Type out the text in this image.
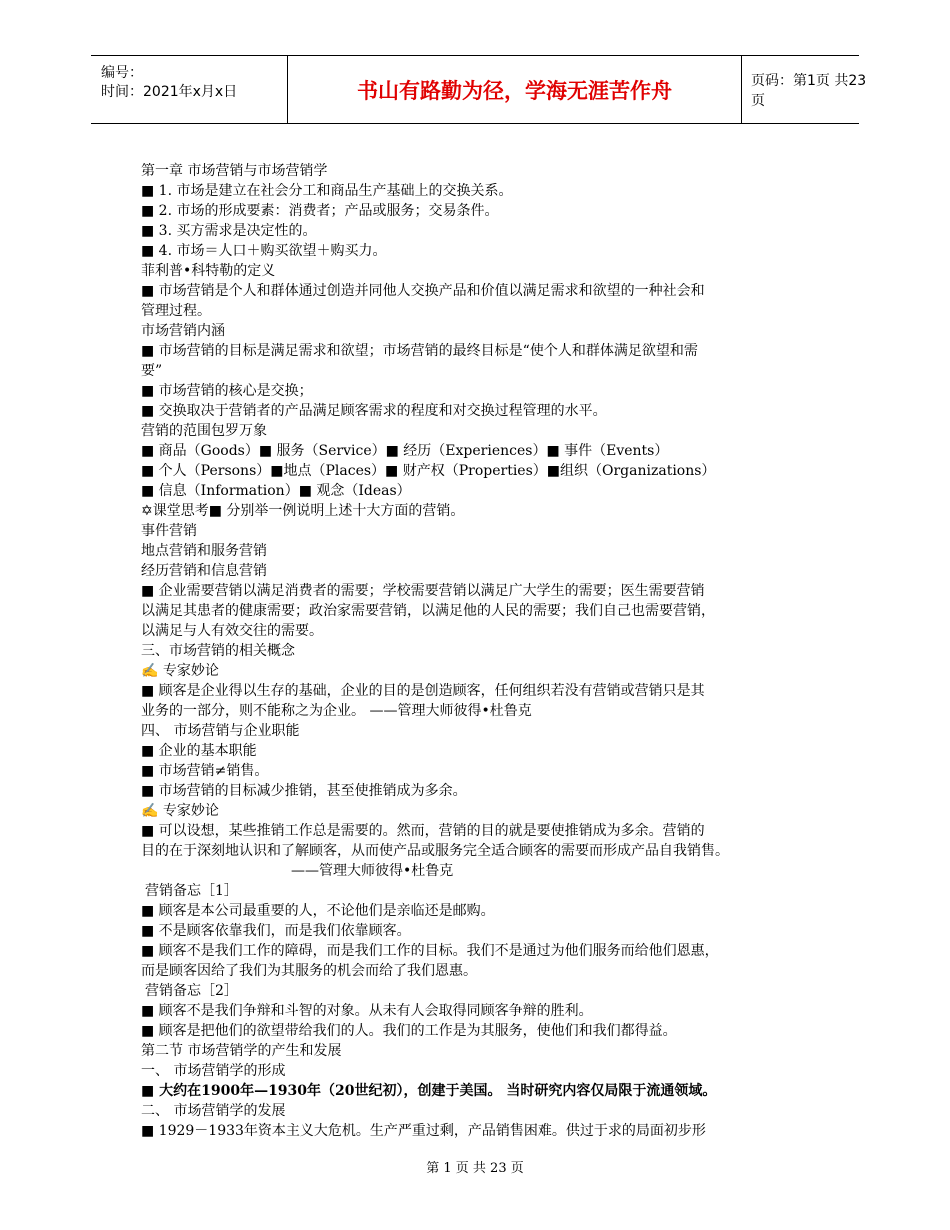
编号：
时间：2021年x月x日	书山有路勤为径，学海无涯苦作舟	页码：第1页 共23页
第一章 市场营销与市场营销学
■ 1. 市场是建立在社会分工和商品生产基础上的交换关系。
■ 2. 市场的形成要素：消费者；产品或服务；交易条件。
■ 3. 买方需求是决定性的。
■ 4. 市场＝人口＋购买欲望＋购买力。
菲利普•科特勒的定义
■ 市场营销是个人和群体通过创造并同他人交换产品和价值以满足需求和欲望的一种社会和
管理过程。
市场营销内涵
■ 市场营销的目标是满足需求和欲望；市场营销的最终目标是“使个人和群体满足欲望和需
要”
■ 市场营销的核心是交换；
■ 交换取决于营销者的产品满足顾客需求的程度和对交换过程管理的水平。
营销的范围包罗万象
■ 商品（Goods）■ 服务（Service）■ 经历（Experiences）■ 事件（Events）
■ 个人（Persons）■地点（Places）■ 财产权（Properties）■组织（Organizations）
■ 信息（Information）■ 观念（Ideas）
✡课堂思考■ 分别举一例说明上述十大方面的营销。
事件营销
地点营销和服务营销
经历营销和信息营销
■ 企业需要营销以满足消费者的需要；学校需要营销以满足广大学生的需要；医生需要营销
以满足其患者的健康需要；政治家需要营销，以满足他的人民的需要；我们自己也需要营销，
以满足与人有效交往的需要。
三、市场营销的相关概念
✍ 专家妙论
■ 顾客是企业得以生存的基础，企业的目的是创造顾客，任何组织若没有营销或营销只是其
业务的一部分，则不能称之为企业。 ——管理大师彼得•杜鲁克
四、 市场营销与企业职能
■ 企业的基本职能
■ 市场营销≠销售。
■ 市场营销的目标减少推销，甚至使推销成为多余。
✍ 专家妙论
■ 可以设想，某些推销工作总是需要的。然而，营销的目的就是要使推销成为多余。营销的
目的在于深刻地认识和了解顾客，从而使产品或服务完全适合顾客的需要而形成产品自我销售。
——管理大师彼得•杜鲁克
营销备忘［1］
■ 顾客是本公司最重要的人，不论他们是亲临还是邮购。
■ 不是顾客依靠我们，而是我们依靠顾客。
■ 顾客不是我们工作的障碍，而是我们工作的目标。我们不是通过为他们服务而给他们恩惠，
而是顾客因给了我们为其服务的机会而给了我们恩惠。
营销备忘［2］
■ 顾客不是我们争辩和斗智的对象。从未有人会取得同顾客争辩的胜利。
■ 顾客是把他们的欲望带给我们的人。我们的工作是为其服务，使他们和我们都得益。
第二节 市场营销学的产生和发展
一、 市场营销学的形成
■ 大约在1900年—1930年（20世纪初），创建于美国。 当时研究内容仅局限于流通领域。
二、 市场营销学的发展
■ 1929－1933年资本主义大危机。生产严重过剩，产品销售困难。供过于求的局面初步形
第 1 页 共 23 页
